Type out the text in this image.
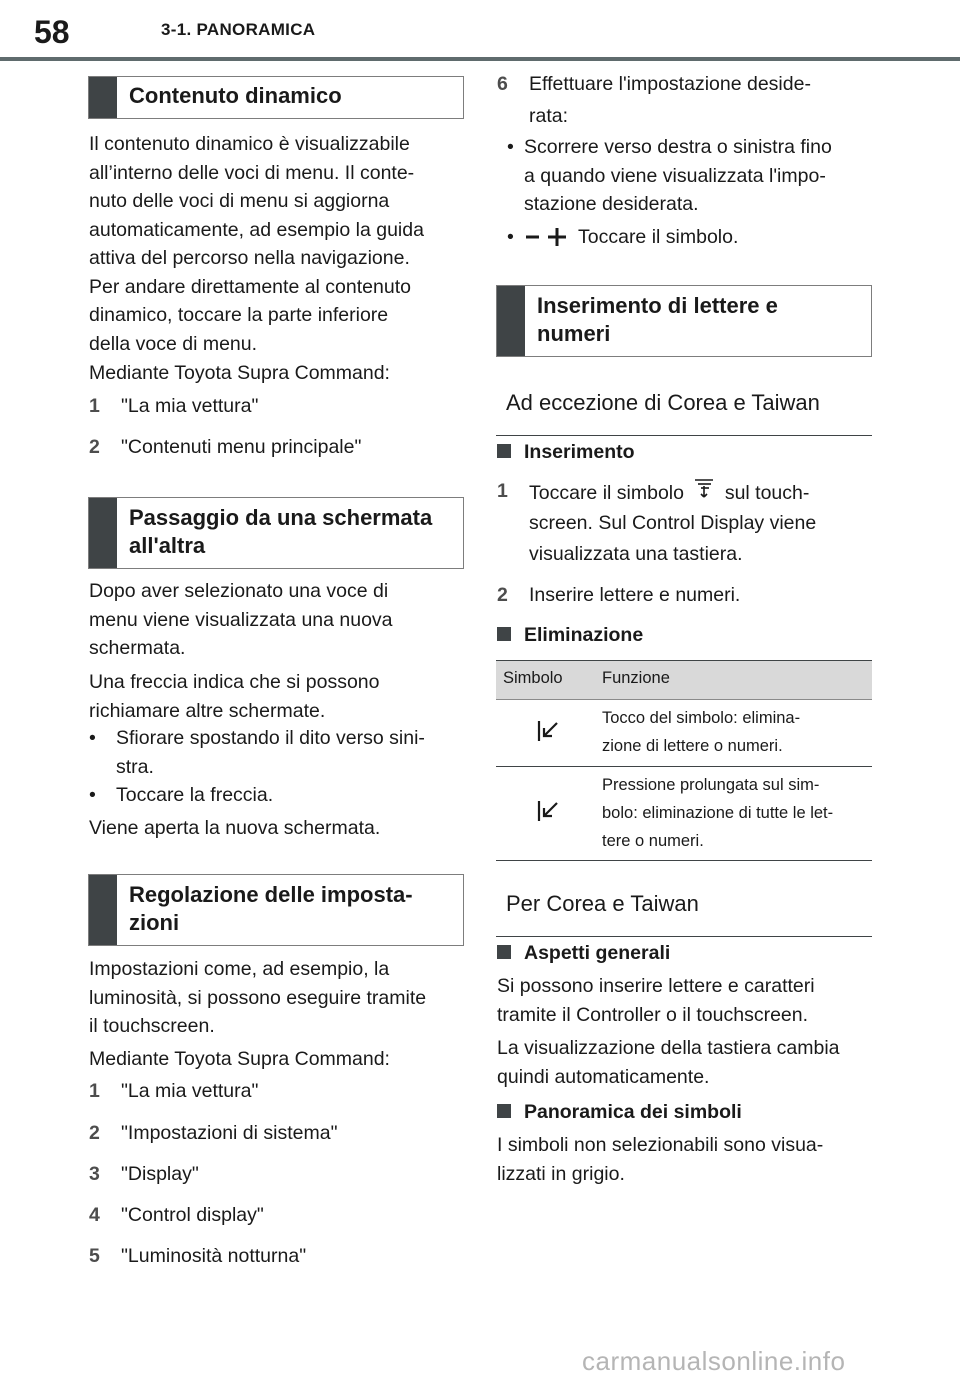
58	3-1. PANORAMICA
Contenuto dinamico
Il contenuto dinamico è visualizzabile
all’interno delle voci di menu. Il conte-
nuto delle voci di menu si aggiorna
automaticamente, ad esempio la guida
attiva del percorso nella navigazione.
Per andare direttamente al contenuto
dinamico, toccare la parte inferiore
della voce di menu.
Mediante Toyota Supra Command:
1 "La mia vettura"
2 "Contenuti menu principale"
Passaggio da una schermata
all'altra
Dopo aver selezionato una voce di
menu viene visualizzata una nuova
schermata.
Una freccia indica che si possono
richiamare altre schermate.
• Sfiorare spostando il dito verso sini-
stra.
• Toccare la freccia.
Viene aperta la nuova schermata.
Regolazione delle imposta-
zioni
Impostazioni come, ad esempio, la
luminosità, si possono eseguire tramite
il touchscreen.
Mediante Toyota Supra Command:
1 "La mia vettura"
2 "Impostazioni di sistema"
3 "Display"
4 "Control display"
5 "Luminosità notturna"
6 Effettuare l'impostazione deside-
rata:
• Scorrere verso destra o sinistra fino
a quando viene visualizzata l'impo-
stazione desiderata.
•	Toccare il simbolo.
Inserimento di lettere e
numeri
Ad eccezione di Corea e Taiwan
Inserimento
1 Toccare il simbolo sul touch-
screen. Sul Control Display viene
visualizzata una tastiera.
2 Inserire lettere e numeri.
Eliminazione
Simbolo Funzione
Tocco del simbolo: elimina-
zione di lettere o numeri.
Pressione prolungata sul sim-
bolo: eliminazione di tutte le let-
tere o numeri.
Per Corea e Taiwan
Aspetti generali
Si possono inserire lettere e caratteri
tramite il Controller o il touchscreen.
La visualizzazione della tastiera cambia
quindi automaticamente.
Panoramica dei simboli
I simboli non selezionabili sono visua-
lizzati in grigio.
carmanualsonline.info
